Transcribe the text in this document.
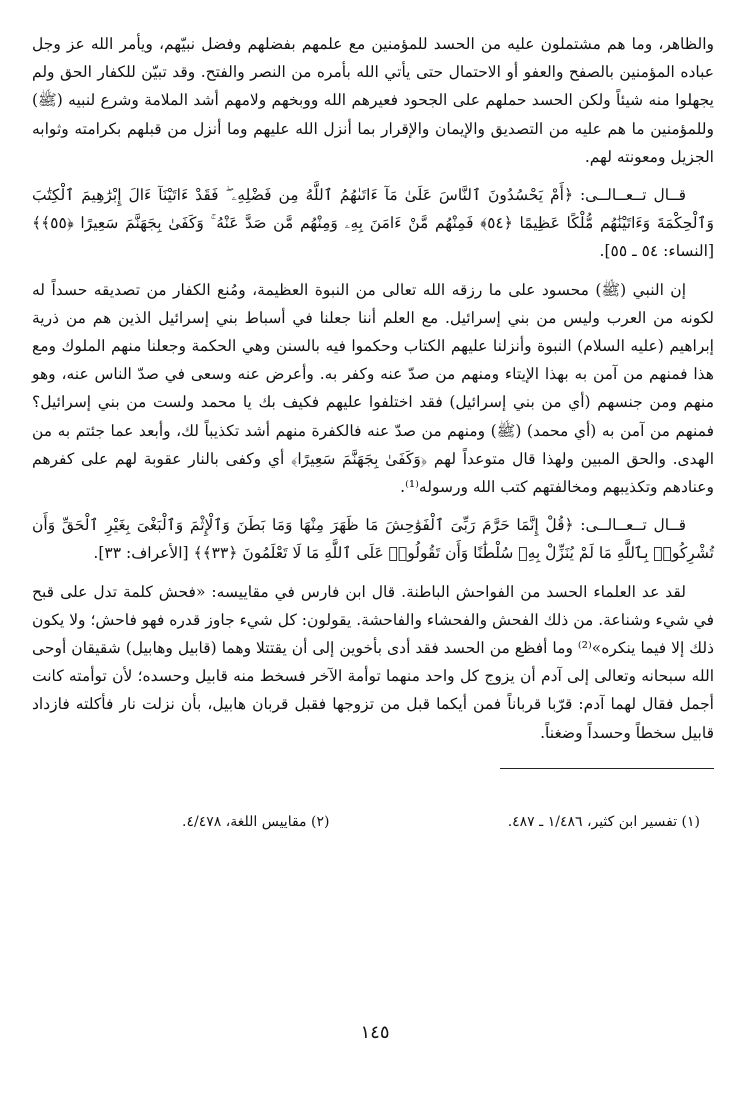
والظاهر، وما هم مشتملون عليه من الحسد للمؤمنين مع علمهم بفضلهم وفضل نبيّهم، ويأمر الله عز وجل عباده المؤمنين بالصفح والعفو أو الاحتمال حتى يأتي الله بأمره من النصر والفتح. وقد تبيّن للكفار الحق ولم يجهلوا منه شيئاً ولكن الحسد حملهم على الجحود فعيرهم الله ووبخهم ولامهم أشد الملامة وشرع لنبيه (ﷺ) وللمؤمنين ما هم عليه من التصديق والإيمان والإقرار بما أنزل الله عليهم وما أنزل من قبلهم بكرامته وثوابه الجزيل ومعونته لهم.

قــال تــعــالــى: ﴿أَمْ يَحْسُدُونَ ٱلنَّاسَ عَلَىٰ مَآ ءَاتَىٰهُمُ ٱللَّهُ مِن فَضْلِهِۦ ۖ فَقَدْ ءَاتَيْنَآ ءَالَ إِبْرَٰهِيمَ ٱلْكِتَٰبَ وَٱلْحِكْمَةَ وَءَاتَيْنَٰهُم مُّلْكًا عَظِيمًا ﴿٥٤﴾ فَمِنْهُم مَّنْ ءَامَنَ بِهِۦ وَمِنْهُم مَّن صَدَّ عَنْهُ ۚ وَكَفَىٰ بِجَهَنَّمَ سَعِيرًا ﴿٥٥﴾﴾ [النساء: ٥٤ ـ ٥٥].

إن النبي (ﷺ) محسود على ما رزقه الله تعالى من النبوة العظيمة، ومُنع الكفار من تصديقه حسداً له لكونه من العرب وليس من بني إسرائيل. مع العلم أننا جعلنا في أسباط بني إسرائيل الذين هم من ذرية إبراهيم (عليه السلام) النبوة وأنزلنا عليهم الكتاب وحكموا فيه بالسنن وهي الحكمة وجعلنا منهم الملوك ومع هذا فمنهم من آمن به بهذا الإيتاء ومنهم من صدّ عنه وكفر به. وأعرض عنه وسعى في صدّ الناس عنه، وهو منهم ومن جنسهم (أي من بني إسرائيل) فقد اختلفوا عليهم فكيف بك يا محمد ولست من بني إسرائيل؟ فمنهم من آمن به (أي محمد) (ﷺ) ومنهم من صدّ عنه فالكفرة منهم أشد تكذيباً لك، وأبعد عما جئتم به من الهدى. والحق المبين ولهذا قال متوعداً لهم ﴿وَكَفَىٰ بِجَهَنَّمَ سَعِيرًا﴾ أي وكفى بالنار عقوبة لهم على كفرهم وعنادهم وتكذيبهم ومخالفتهم كتب الله ورسوله⁽¹⁾.

قــال تــعــالــى: ﴿قُلْ إِنَّمَا حَرَّمَ رَبِّىَ ٱلْفَوَٰحِشَ مَا ظَهَرَ مِنْهَا وَمَا بَطَنَ وَٱلْإِثْمَ وَٱلْبَغْىَ بِغَيْرِ ٱلْحَقِّ وَأَن تُشْرِكُوا۟ بِٱللَّهِ مَا لَمْ يُنَزِّلْ بِهِۦ سُلْطَٰنًا وَأَن تَقُولُوا۟ عَلَى ٱللَّهِ مَا لَا تَعْلَمُونَ ﴿٣٣﴾﴾ [الأعراف: ٣٣].

لقد عد العلماء الحسد من الفواحش الباطنة. قال ابن فارس في مقاييسه: «فحش كلمة تدل على قبح في شيء وشناعة. من ذلك الفحش والفحشاء والفاحشة. يقولون: كل شيء جاوز قدره فهو فاحش؛ ولا يكون ذلك إلا فيما ينكره»⁽²⁾ وما أفظع من الحسد فقد أدى بأخوين إلى أن يقتتلا وهما (قابيل وهابيل) شقيقان أوحى الله سبحانه وتعالى إلى آدم أن يزوج كل واحد منهما توأمة الآخر فسخط منه قابيل وحسده؛ لأن توأمته كانت أجمل فقال لهما آدم: قرّبا قرباناً فمن أيكما قبل من تزوجها فقبل قربان هابيل، بأن نزلت نار فأكلته فازداد قابيل سخطاً وحسداً وضغناً.

(١) تفسير ابن كثير، ١/٤٨٦ ـ ٤٨٧.
(٢) مقاييس اللغة، ٤/٤٧٨.
١٤٥
